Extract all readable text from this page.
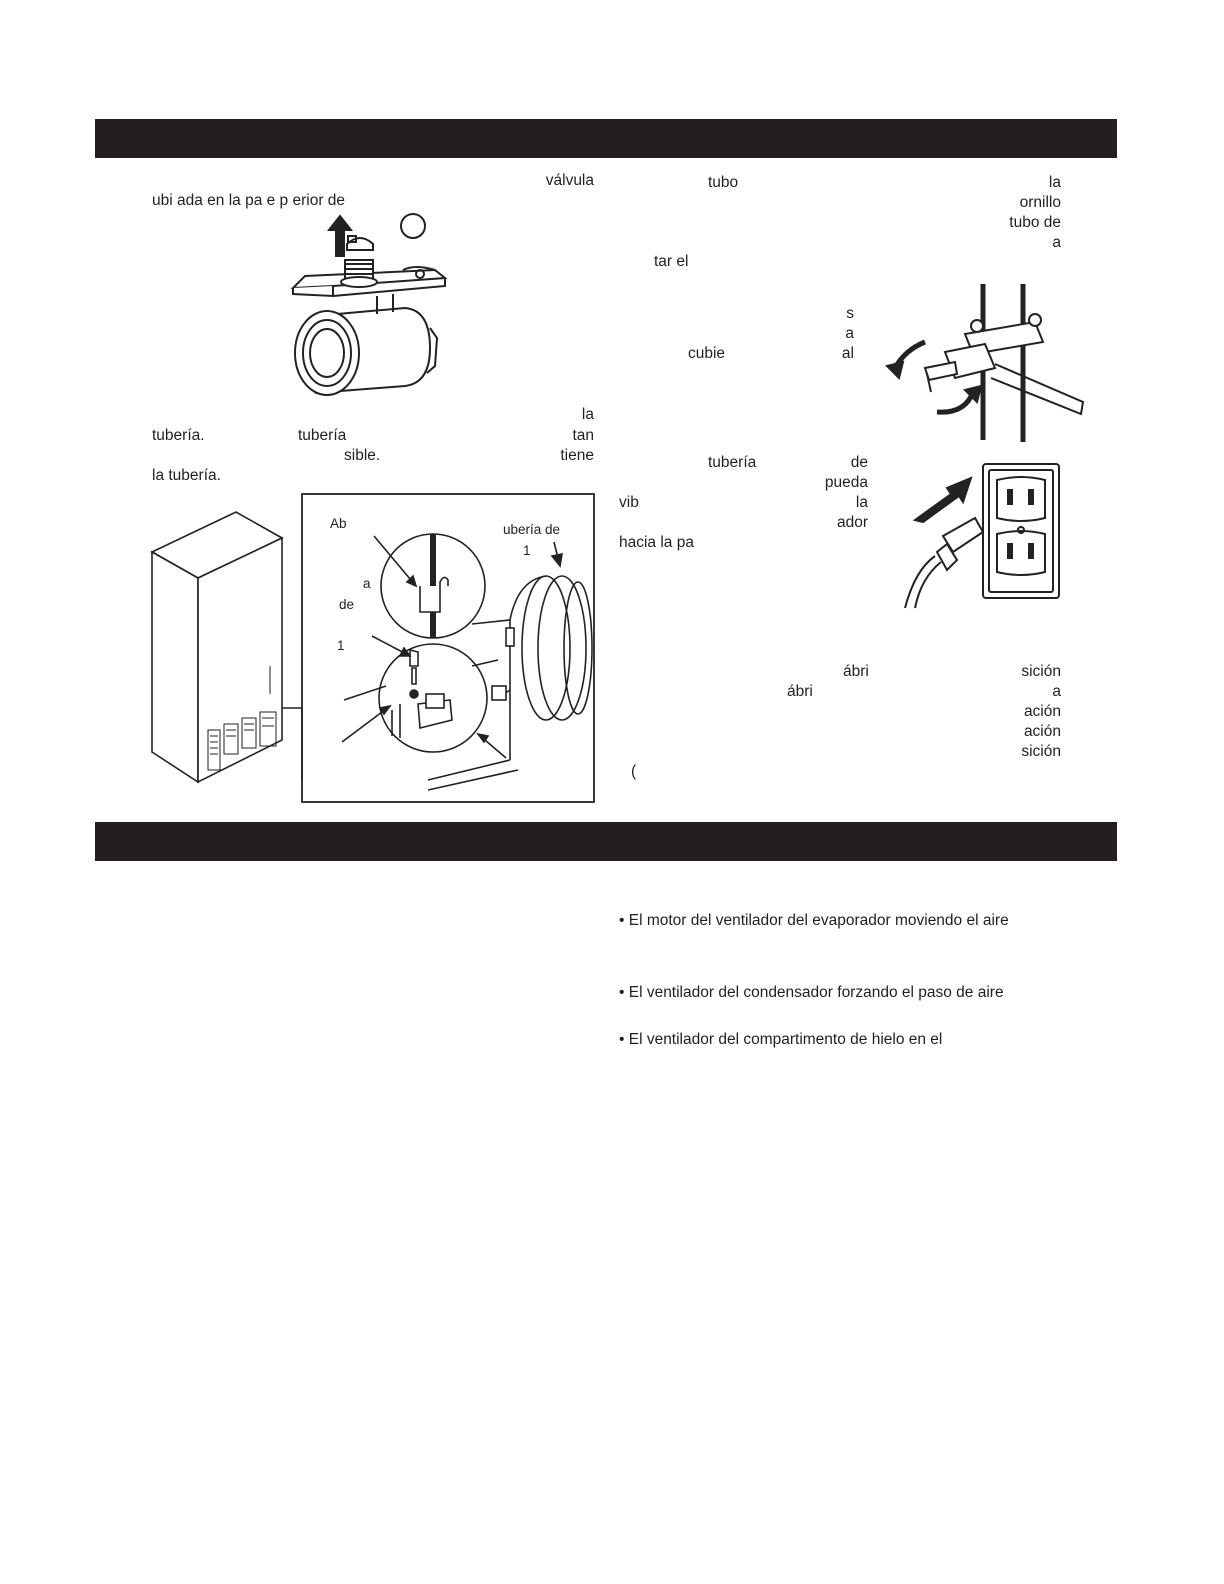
válvula
ubi ada en la pa e p erior de
la
tubería.	tubería	tan
sible.	tiene
la tubería.
Ab	ubería de
1
a
de
1
tubo	la
ornillo
tubo de
a
tar el
s
a
cubie	al
tubería	de
pueda
vib	la
ador
hacia la pa
ábri	sición
ábri	a
ación
ación
sición
(
• El motor del ventilador del evaporador moviendo el aire
• El ventilador del condensador forzando el paso de aire
• El ventilador del compartimento de hielo en el
